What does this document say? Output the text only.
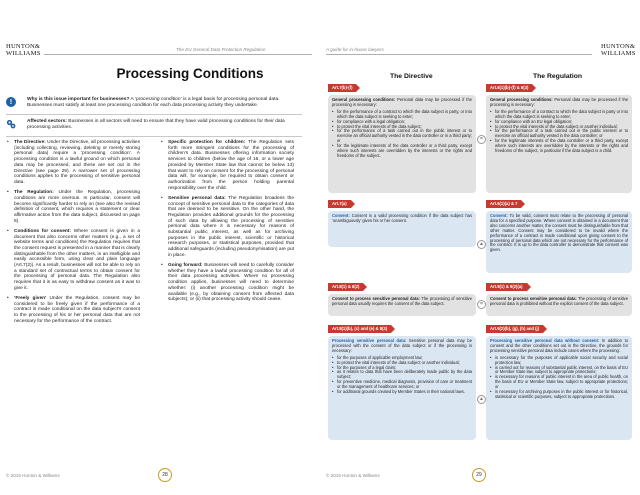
HUNTON&
WILLIAMS
The EU General Data Protection Regulation
Processing Conditions
!	Why is this issue important for businesses? A ‘processing condition’ is a legal basis for processing personal data. Businesses must satisfy at least one processing condition for each data processing activity they undertake.
Affected sectors: Businesses in all sectors will need to ensure that they have valid processing conditions for their data processing activities.
• The Directive: Under the Directive, all processing activities (including collecting, reviewing, deleting or merely storing personal data) require a ‘processing condition’. A processing condition is a lawful ground on which personal data may be processed, and these are set out in the Directive (see page 29). A narrower set of processing conditions applies to the processing of sensitive personal data.
• The Regulation: Under the Regulation, processing conditions are more onerous. In particular, consent will become significantly harder to rely on (see also the revised definition of consent, which requires a statement or clear affirmative action from the data subject, discussed on page 8).
• Conditions for consent: Where consent is given in a document that also concerns other matters (e.g., a set of website terms and conditions) the Regulation requires that the consent request is presented in a manner that is clearly distinguishable from the other matters, in an intelligible and easily accessible form, using clear and plain language (Art.7(2)). As a result, businesses will not be able to rely on a standard set of contractual terms to obtain consent for the processing of personal data. The Regulation also requires that it is as easy to withdraw consent as it was to give it.
• ‘Freely given’ Under the Regulation, consent may be considered to be freely given if the performance of a contract is made conditional on the data subject's consent to the processing of his or her personal data that are not necessary for the performance of the contract.
• Specific protection for children: The Regulation sets forth more stringent conditions for the processing of children's data. Businesses offering information society services to children (below the age of 16, or a lower age provided by Member State law that cannot be below 13) that want to rely on consent for the processing of personal data will, for example, be required to obtain consent or authorization from the person holding parental responsibility over the child.
• Sensitive personal data: The Regulation broadens the concept of sensitive personal data to the categories of data that are deemed to be sensitive. On the other hand, the Regulation provides additional grounds for the processing of such data by allowing the processing of sensitive personal data where it is necessary for reasons of substantial public interest, as well as for archiving purposes in the public interest, scientific or historical research purposes, or statistical purposes, provided that additional safeguards (including pseudonymisation) are put in place.
• Going forward: Businesses will need to carefully consider whether they have a lawful processing condition for all of their data processing activities. Where no processing condition applies, businesses will need to determine whether: (i) another processing condition might be available (e.g., by obtaining consent from affected data subjects); or (ii) that processing activity should cease.
© 2016 Hunton & Williams	28
A guide for in-house lawyers	HUNTON&
WILLIAMS
The Directive	The Regulation
Art.7(b)-(f)	Art.6(1)(b)-(f) & 6(3)
General processing conditions: Personal data may be processed if the processing is necessary:
• for the performance of a contract to which the data subject is party, or into which the data subject is seeking to enter;
• for compliance with a legal obligation;
• to protect the vital interests of the data subject;
• for the performance of a task carried out in the public interest or to exercise an official authority vested in the data controller or in a third party; or
• for the legitimate interests of the data controller or a third party, except where such interests are overridden by the interests or the rights and freedoms of the subject.
=
General processing conditions: Personal data may be processed if the processing is necessary:
• for the performance of a contract to which the data subject is party or into which the data subject is seeking to enter;
• for compliance with an EU legal obligation;
• to protect the vital interests of the data subject or another individual;
• for the performance of a task carried out in the public interest or to exercise an official authority vested in the data controller; or
• for the legitimate interests of the data controller or a third party, except where such interests are overridden by the interests or the rights and freedoms of the subject, in particular if the data subject is a child.
Art.7(a)	Art.6(1)(a) & 7
Consent: Consent is a valid processing condition if the data subject has ‘unambiguously’ given his or her consent.
▲
Consent: To be valid, consent must relate to the processing of personal data for a specified purpose. Where consent is obtained in a document that also concerns another matter, the consent must be distinguishable from that other matter. Consent may be considered to be invalid where the performance of a contract is made conditional upon giving consent to the processing of personal data which are not necessary for the performance of the contract. It is up to the data controller to demonstrate that consent was given.
Art.8(1) & 8(2)	Art.9(1) & 9(2)(a)
Consent to process sensitive personal data: The processing of sensitive personal data usually requires the consent of the data subject.	=
Consent to process sensitive personal data: The processing of sensitive personal data is prohibited without the explicit consent of the data subject.
Art.8(1)(b), (c) and (e) & 8(3)	Art.9(2)(b), (g), (h) and (j)
Processing sensitive personal data: Sensitive personal data may be processed with the consent of the data subject or if the processing is necessary:
• for the purposes of applicable employment law;
• to protect the vital interests of the data subject or another individual;
• for the purposes of a legal claim;
• as it relates to data that have been deliberately made public by the data subject;
• for preventive medicine, medical diagnosis, provision of care or treatment or the management of healthcare services; or
• for additional grounds created by Member States in their national laws.
▲
Processing sensitive personal data without consent: In addition to consent and the other conditions set out in the Directive, the grounds for processing sensitive personal data include cases where the processing:
• is necessary for the purposes of applicable social security and social protection law;
• is carried out for reasons of substantial public interest, on the basis of EU or Member State law, subject to appropriate protections;
• is necessary for reasons of public interest in the area of public health, on the basis of EU or Member State law, subject to appropriate protections; or
• is necessary for archiving purposes in the public interest or for historical, statistical or scientific purposes, subject to appropriate protections.
© 2016 Hunton & Williams	29
